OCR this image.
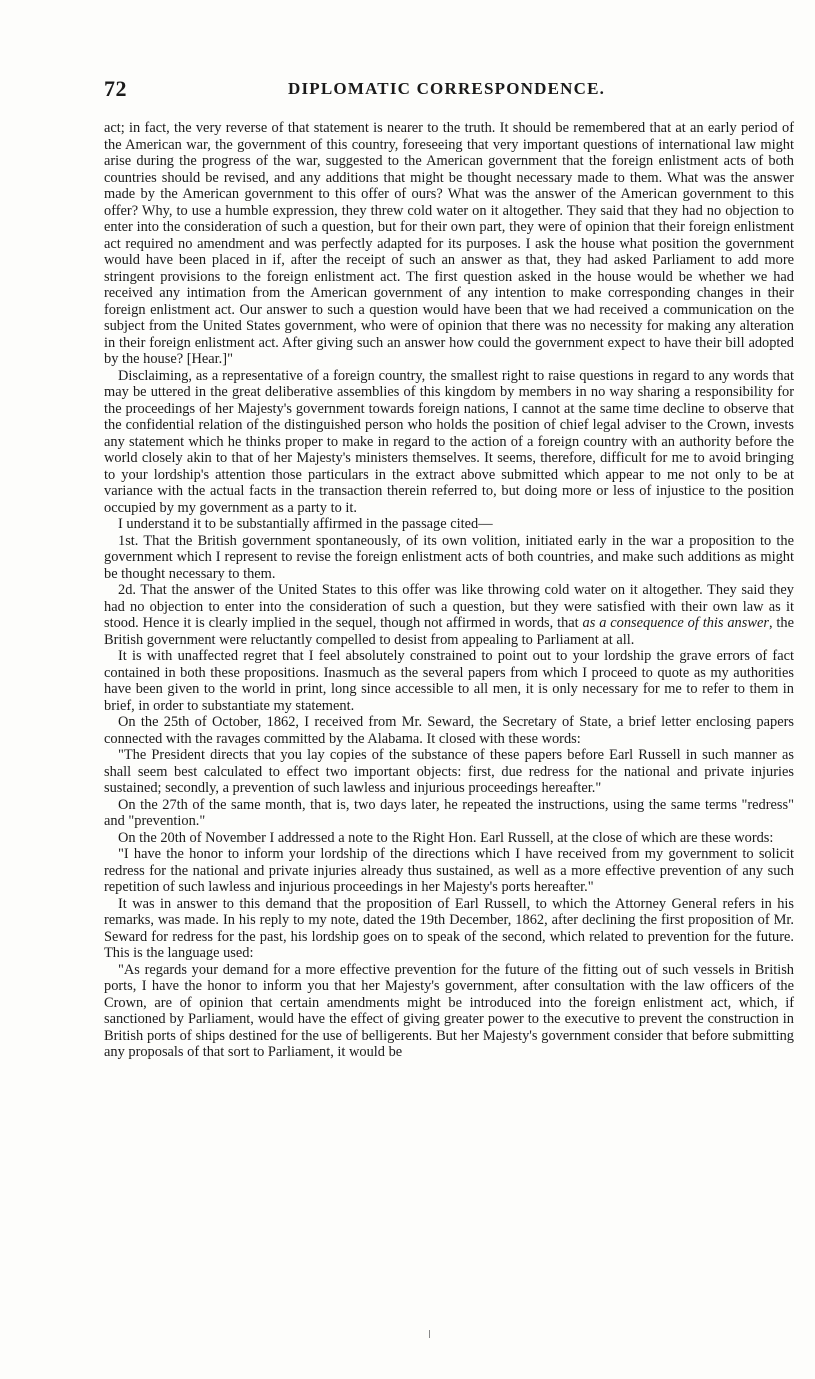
72	DIPLOMATIC CORRESPONDENCE.

act; in fact, the very reverse of that statement is nearer to the truth. It should be remembered that at an early period of the American war, the government of this country, foreseeing that very important questions of international law might arise during the progress of the war, suggested to the American government that the foreign enlistment acts of both countries should be revised, and any additions that might be thought necessary made to them. What was the answer made by the American government to this offer of ours? What was the answer of the American government to this offer? Why, to use a humble expression, they threw cold water on it altogether. They said that they had no objection to enter into the consideration of such a question, but for their own part, they were of opinion that their foreign enlistment act required no amendment and was perfectly adapted for its purposes. I ask the house what position the government would have been placed in if, after the receipt of such an answer as that, they had asked Parliament to add more stringent provisions to the foreign enlistment act. The first question asked in the house would be whether we had received any intimation from the American government of any intention to make corresponding changes in their foreign enlistment act. Our answer to such a question would have been that we had received a communication on the subject from the United States government, who were of opinion that there was no necessity for making any alteration in their foreign enlistment act. After giving such an answer how could the government expect to have their bill adopted by the house? [Hear.]"

Disclaiming, as a representative of a foreign country, the smallest right to raise questions in regard to any words that may be uttered in the great deliberative assemblies of this kingdom by members in no way sharing a responsibility for the proceedings of her Majesty's government towards foreign nations, I cannot at the same time decline to observe that the confidential relation of the distinguished person who holds the position of chief legal adviser to the Crown, invests any statement which he thinks proper to make in regard to the action of a foreign country with an authority before the world closely akin to that of her Majesty's ministers themselves. It seems, therefore, difficult for me to avoid bringing to your lordship's attention those particulars in the extract above submitted which appear to me not only to be at variance with the actual facts in the transaction therein referred to, but doing more or less of injustice to the position occupied by my government as a party to it.

I understand it to be substantially affirmed in the passage cited—

1st. That the British government spontaneously, of its own volition, initiated early in the war a proposition to the government which I represent to revise the foreign enlistment acts of both countries, and make such additions as might be thought necessary to them.

2d. That the answer of the United States to this offer was like throwing cold water on it altogether. They said they had no objection to enter into the consideration of such a question, but they were satisfied with their own law as it stood. Hence it is clearly implied in the sequel, though not affirmed in words, that as a consequence of this answer, the British government were reluctantly compelled to desist from appealing to Parliament at all.

It is with unaffected regret that I feel absolutely constrained to point out to your lordship the grave errors of fact contained in both these propositions. Inasmuch as the several papers from which I proceed to quote as my authorities have been given to the world in print, long since accessible to all men, it is only necessary for me to refer to them in brief, in order to substantiate my statement.

On the 25th of October, 1862, I received from Mr. Seward, the Secretary of State, a brief letter enclosing papers connected with the ravages committed by the Alabama. It closed with these words:

"The President directs that you lay copies of the substance of these papers before Earl Russell in such manner as shall seem best calculated to effect two important objects: first, due redress for the national and private injuries sustained; secondly, a prevention of such lawless and injurious proceedings hereafter."

On the 27th of the same month, that is, two days later, he repeated the instructions, using the same terms "redress" and "prevention."

On the 20th of November I addressed a note to the Right Hon. Earl Russell, at the close of which are these words:

"I have the honor to inform your lordship of the directions which I have received from my government to solicit redress for the national and private injuries already thus sustained, as well as a more effective prevention of any such repetition of such lawless and injurious proceedings in her Majesty's ports hereafter."

It was in answer to this demand that the proposition of Earl Russell, to which the Attorney General refers in his remarks, was made. In his reply to my note, dated the 19th December, 1862, after declining the first proposition of Mr. Seward for redress for the past, his lordship goes on to speak of the second, which related to prevention for the future. This is the language used:

"As regards your demand for a more effective prevention for the future of the fitting out of such vessels in British ports, I have the honor to inform you that her Majesty's government, after consultation with the law officers of the Crown, are of opinion that certain amendments might be introduced into the foreign enlistment act, which, if sanctioned by Parliament, would have the effect of giving greater power to the executive to prevent the construction in British ports of ships destined for the use of belligerents. But her Majesty's government consider that before submitting any proposals of that sort to Parliament, it would be
